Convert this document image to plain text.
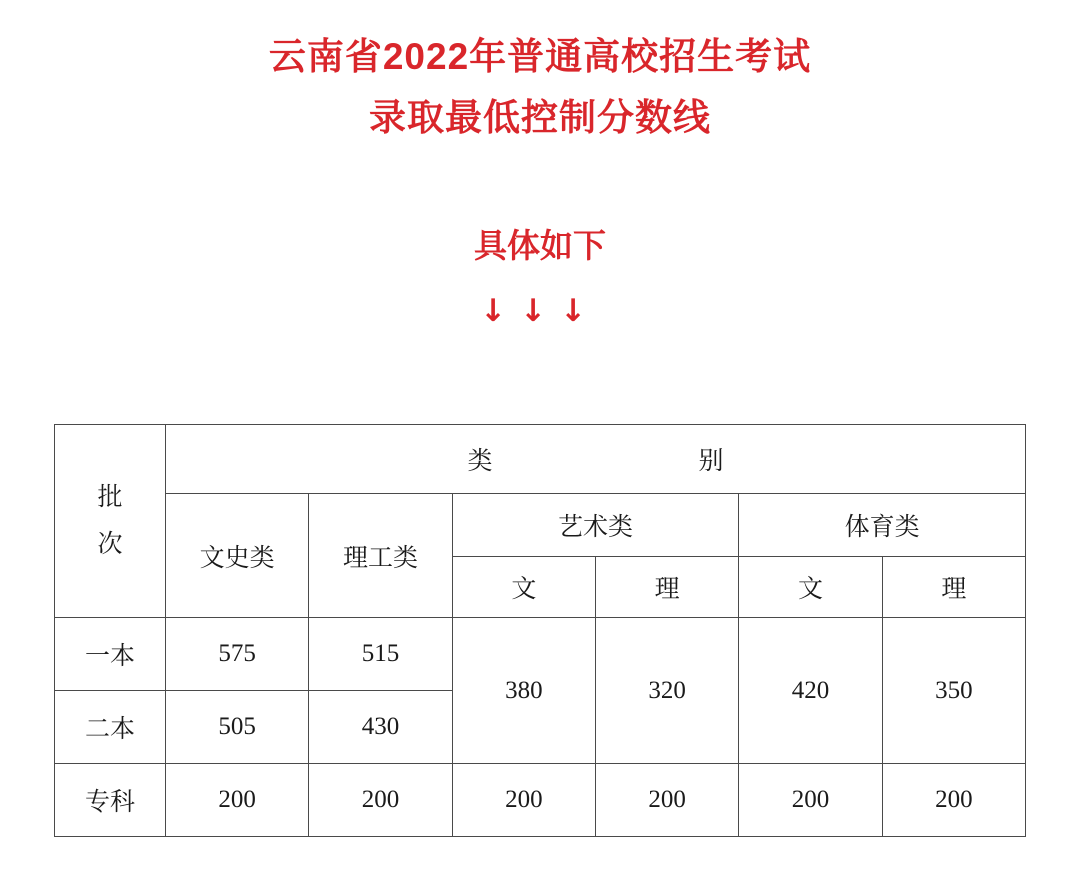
云南省2022年普通高校招生考试
录取最低控制分数线
具体如下
↓↓↓
批
次	类　　别					
	文史类	理工类	艺术类		体育类	
			文	理	文	理
一本	575	515	380	320	420	350
二本	505	430				
专科	200	200	200	200	200	200
